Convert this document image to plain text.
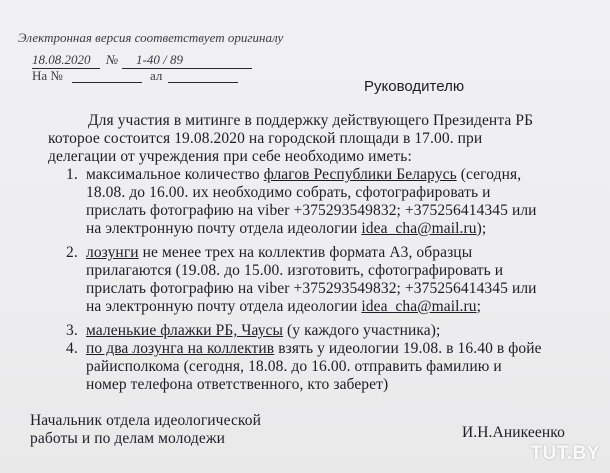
Электронная версия соответствует оригиналу
18.08.2020 № 1-40 / 89
На №	ал
Руководителю
Для участия в митинге в поддержку действующего Президента РБ
которое состоится 19.08.2020 на городской площади в 17.00. при
делегации от учреждения при себе необходимо иметь:
1. максимальное количество флагов Республики Беларусь (сегодня,
18.08. до 16.00. их необходимо собрать, сфотографировать и
прислать фотографию на viber +375293549832; +375256414345 или
на электронную почту отдела идеологии idea_cha@mail.ru);
2. лозунги не менее трех на коллектив формата А3, образцы
прилагаются (19.08. до 15.00. изготовить, сфотографировать и
прислать фотографию на viber +375293549832; +375256414345 или
на электронную почту отдела идеологии idea_cha@mail.ru;
3. маленькие флажки РБ, Чаусы (у каждого участника);
4. по два лозунга на коллектив взять у идеологии 19.08. в 16.40 в фойе
райисполкома (сегодня, 18.08. до 16.00. отправить фамилию и
номер телефона ответственного, кто заберет)
Начальник отдела идеологической
работы и по делам молодежи	И.Н.Аникеенко
TUT.BY
